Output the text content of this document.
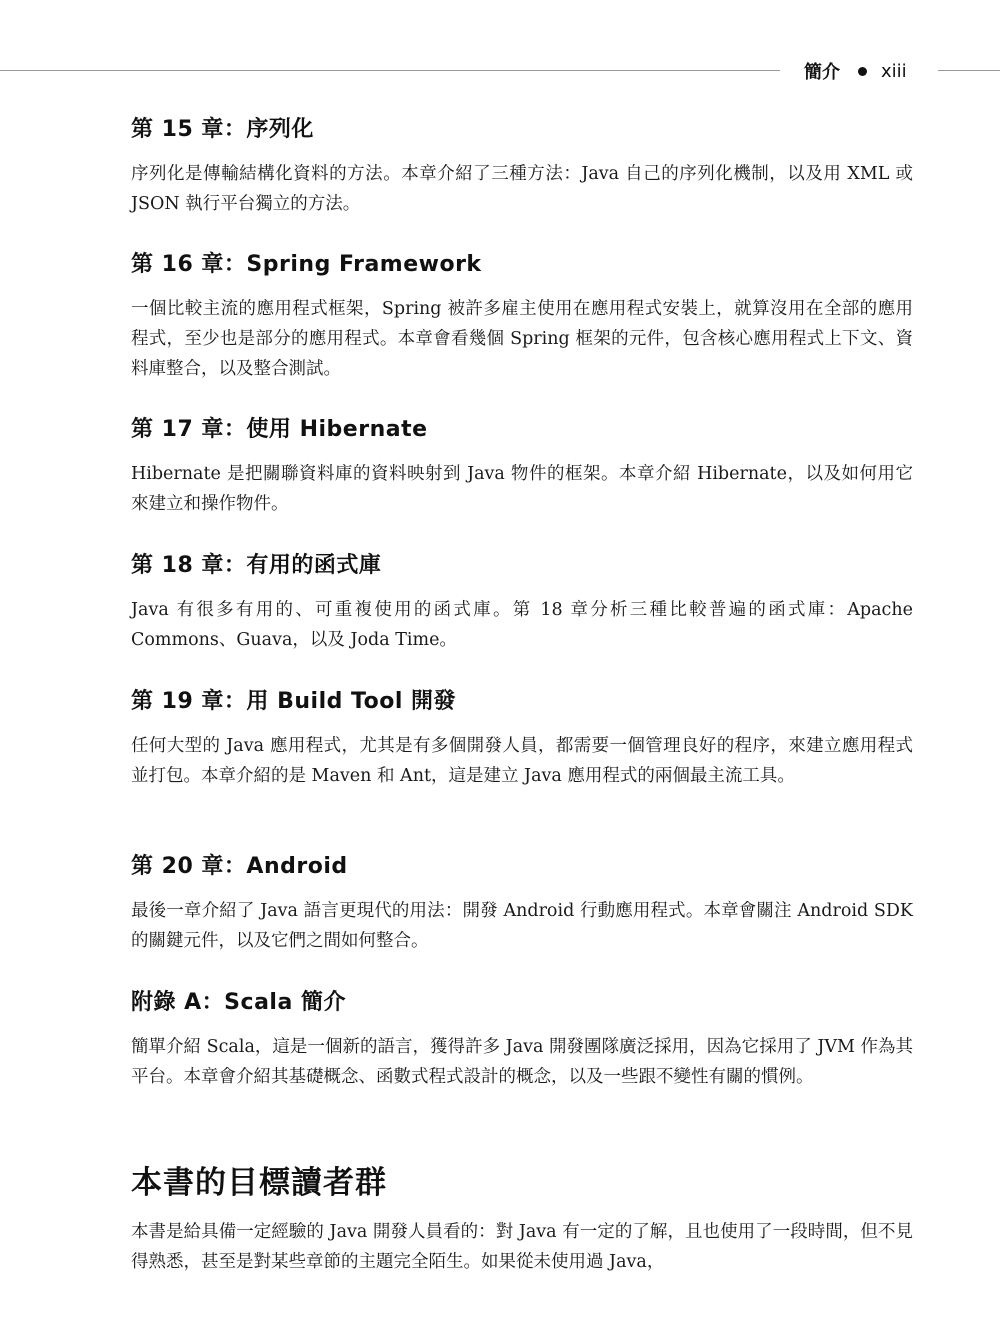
簡介 xiii
第 15 章：序列化

序列化是傳輸結構化資料的方法。本章介紹了三種方法：Java 自己的序列化機制，以及用 XML 或 JSON 執行平台獨立的方法。

第 16 章：Spring Framework

一個比較主流的應用程式框架，Spring 被許多雇主使用在應用程式安裝上，就算沒用在全部的應用程式，至少也是部分的應用程式。本章會看幾個 Spring 框架的元件，包含核心應用程式上下文、資料庫整合，以及整合測試。

第 17 章：使用 Hibernate

Hibernate 是把關聯資料庫的資料映射到 Java 物件的框架。本章介紹 Hibernate，以及如何用它來建立和操作物件。

第 18 章：有用的函式庫

Java 有很多有用的、可重複使用的函式庫。第 18 章分析三種比較普遍的函式庫：Apache Commons、Guava，以及 Joda Time。

第 19 章：用 Build Tool 開發

任何大型的 Java 應用程式，尤其是有多個開發人員，都需要一個管理良好的程序，來建立應用程式並打包。本章介紹的是 Maven 和 Ant，這是建立 Java 應用程式的兩個最主流工具。

第 20 章：Android

最後一章介紹了 Java 語言更現代的用法：開發 Android 行動應用程式。本章會關注 Android SDK 的關鍵元件，以及它們之間如何整合。

附錄 A：Scala 簡介

簡單介紹 Scala，這是一個新的語言，獲得許多 Java 開發團隊廣泛採用，因為它採用了 JVM 作為其平台。本章會介紹其基礎概念、函數式程式設計的概念，以及一些跟不變性有關的慣例。

本書的目標讀者群

本書是給具備一定經驗的 Java 開發人員看的：對 Java 有一定的了解，且也使用了一段時間，但不見得熟悉，甚至是對某些章節的主題完全陌生。如果從未使用過 Java，
